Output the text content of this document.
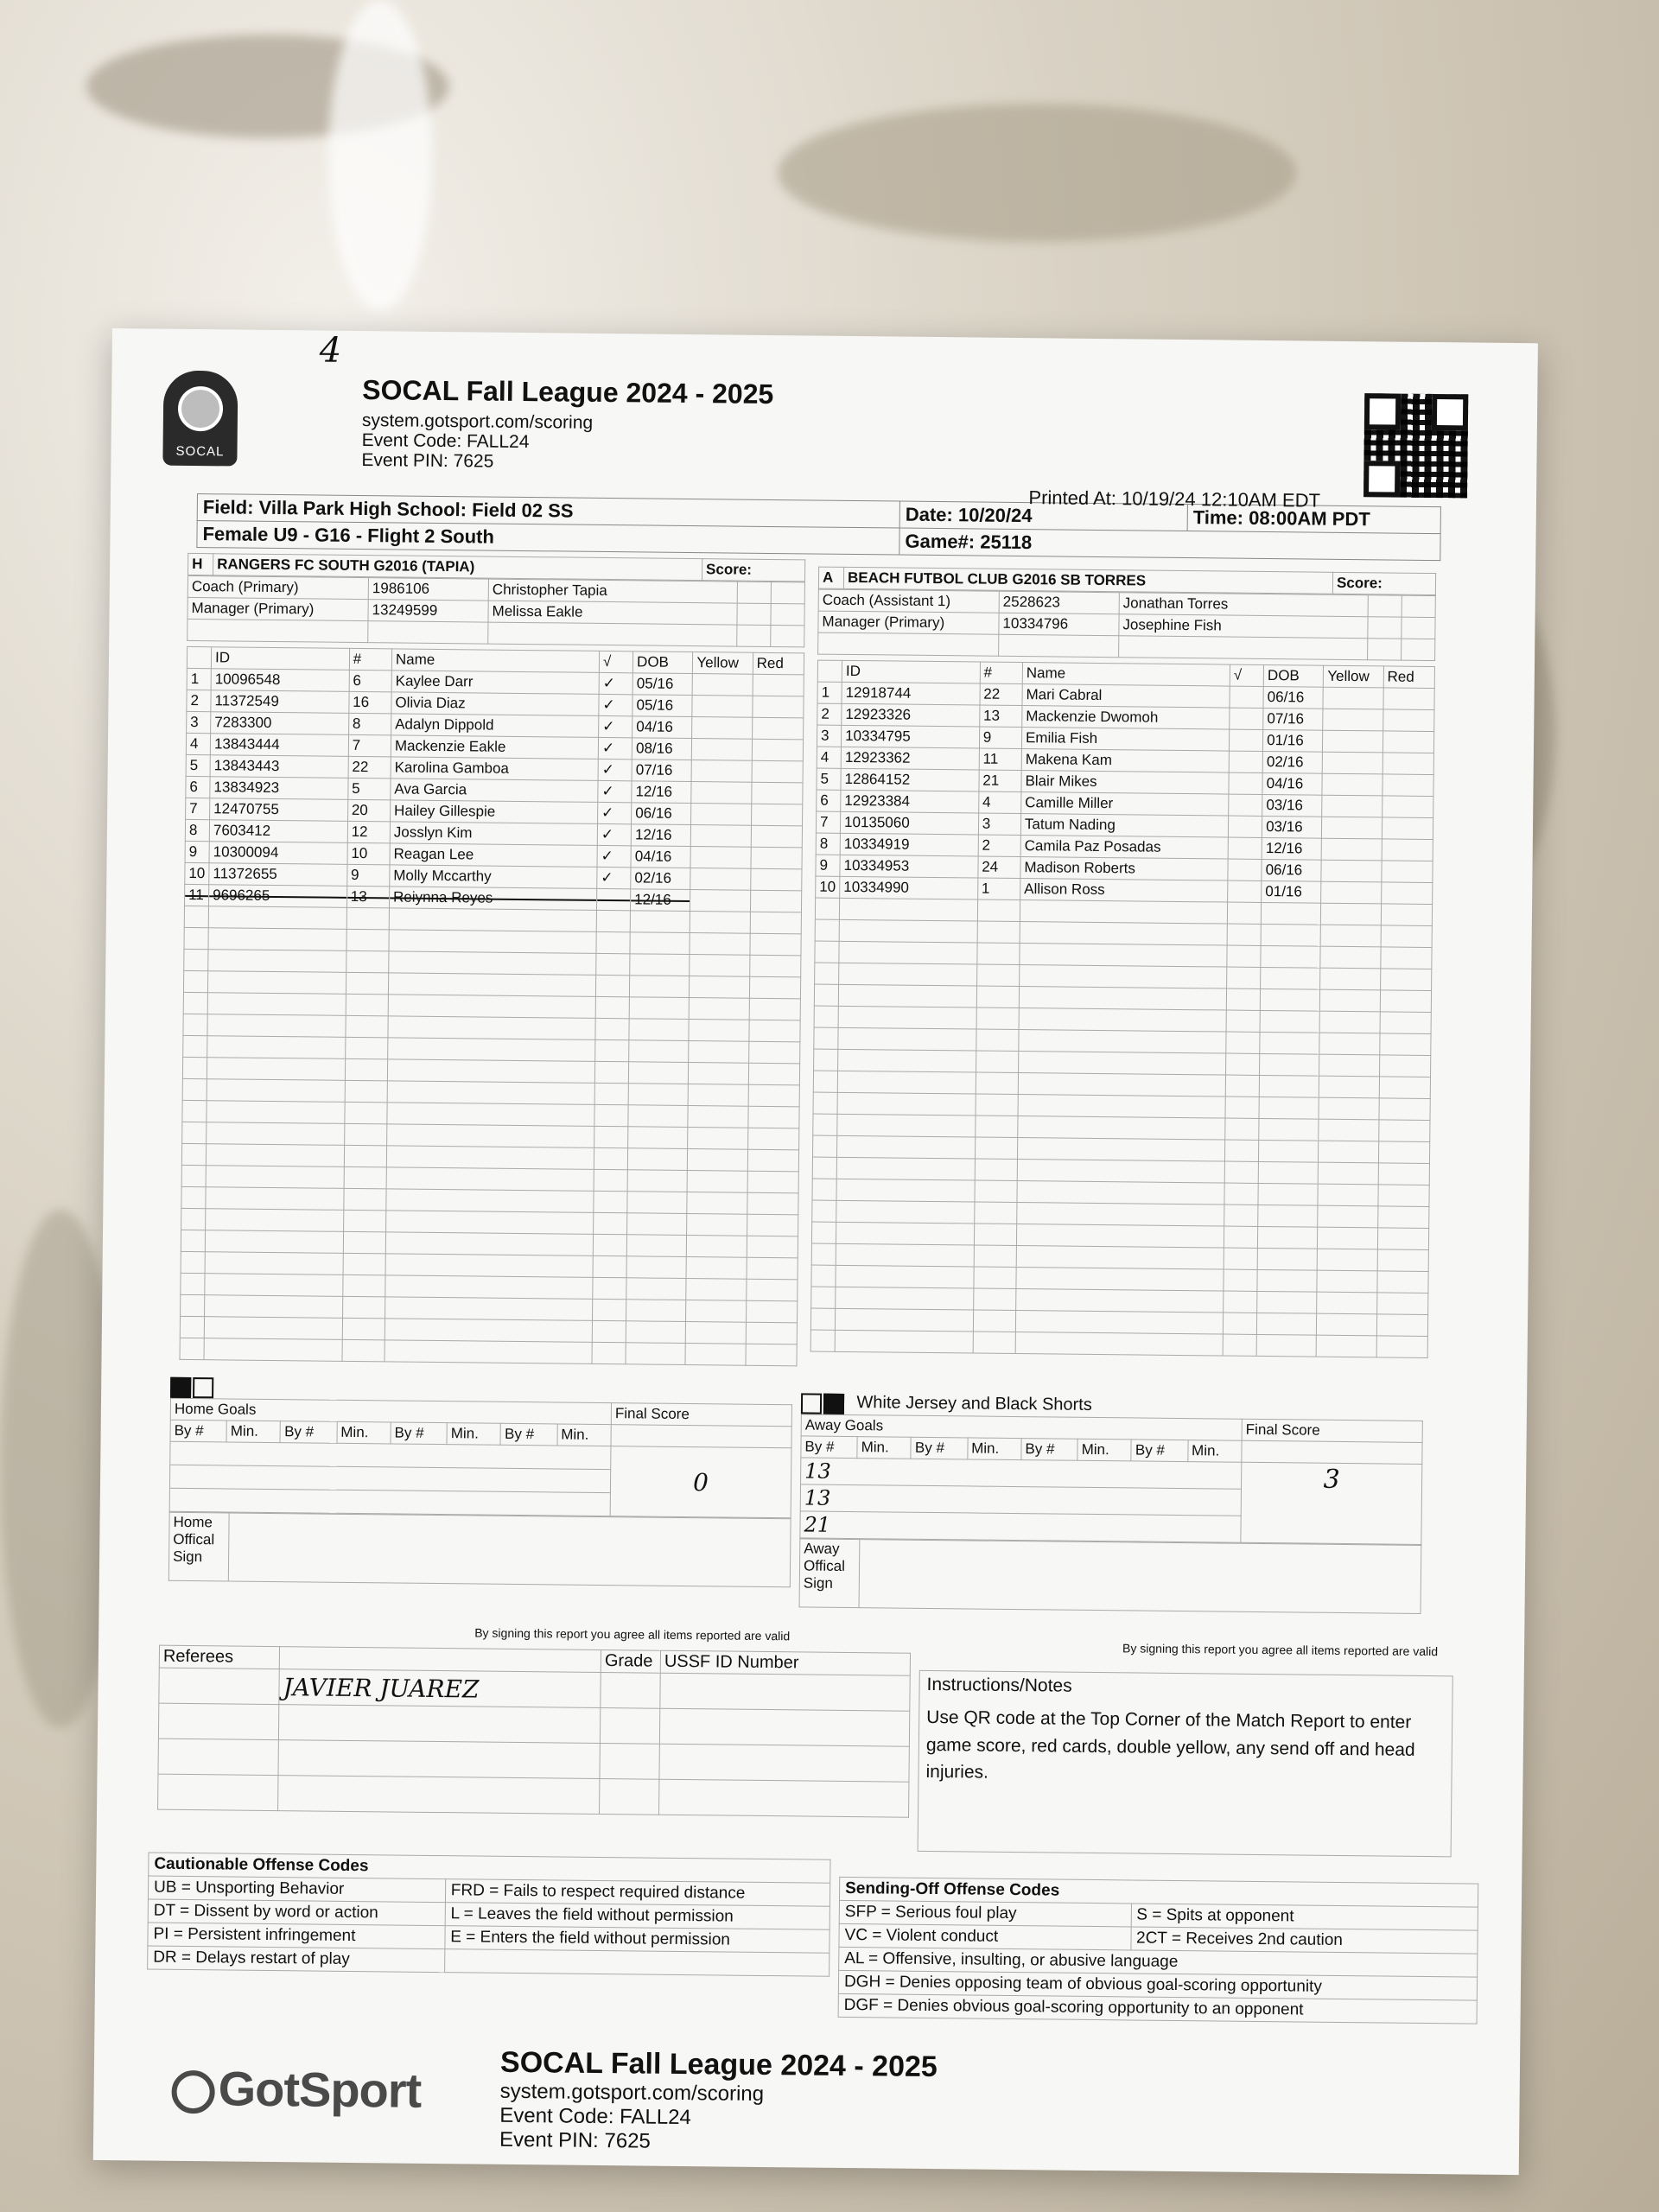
4
SOCAL
SOCAL Fall League 2024 - 2025
system.gotsport.com/scoring
Event Code: FALL24
Event PIN: 7625
Printed At: 10/19/24 12:10AM EDT
Field: Villa Park High School: Field 02 SS	Date: 10/20/24	Time: 08:00AM PDT
Female U9 - G16 - Flight 2 South	Game#: 25118	
H	RANGERS FC SOUTH G2016 (TAPIA)	Score:
Coach (Primary)	1986106	Christopher Tapia		
Manager (Primary)	13249599	Melissa Eakle		

	ID	#	Name	√	DOB	Yellow	Red
1	10096548	6	Kaylee Darr	✓	05/16		
2	11372549	16	Olivia Diaz	✓	05/16		
3	7283300	8	Adalyn Dippold	✓	04/16		
4	13843444	7	Mackenzie Eakle	✓	08/16		
5	13843443	22	Karolina Gamboa	✓	07/16		
6	13834923	5	Ava Garcia	✓	12/16		
7	12470755	20	Hailey Gillespie	✓	06/16		
8	7603412	12	Josslyn Kim	✓	12/16		
9	10300094	10	Reagan Lee	✓	04/16		
10	11372655	9	Molly Mccarthy	✓	02/16		
11	9696265	13	Reiynna Reyes		12/16		

A	BEACH FUTBOL CLUB G2016 SB TORRES	Score:
Coach (Assistant 1)	2528623	Jonathan Torres		
Manager (Primary)	10334796	Josephine Fish		

	ID	#	Name	√	DOB	Yellow	Red
1	12918744	22	Mari Cabral		06/16		
2	12923326	13	Mackenzie Dwomoh		07/16		
3	10334795	9	Emilia Fish		01/16		
4	12923362	11	Makena Kam		02/16		
5	12864152	21	Blair Mikes		04/16		
6	12923384	4	Camille Miller		03/16		
7	10135060	3	Tatum Nading		03/16		
8	10334919	2	Camila Paz Posadas		12/16		
9	10334953	24	Madison Roberts		06/16		
10	10334990	1	Allison Ross		01/16		

Home Goals								Final Score
By #	Min.	By #	Min.	By #	Min.	By #	Min.	
								0

Home
Offical
Sign	
By signing this report you agree all items reported are valid
White Jersey and Black Shorts
Away Goals								Final Score
By #	Min.	By #	Min.	By #	Min.	By #	Min.	
13								3
13								
21								
Away
Offical
Sign	
By signing this report you agree all items reported are valid
Referees		Grade	USSF ID Number
	JAVIER JUAREZ		

				Instructions/Notes
Use QR code at the Top Corner of the Match Report to enter game score, red cards, double yellow, any send off and head injuries.
Cautionable Offense Codes	
UB = Unsporting Behavior	FRD = Fails to respect required distance
DT = Dissent by word or action	L = Leaves the field without permission
PI = Persistent infringement	E = Enters the field without permission
DR = Delays restart of play	
Sending-Off Offense Codes	
SFP = Serious foul play	S = Spits at opponent
VC = Violent conduct	2CT = Receives 2nd caution
AL = Offensive, insulting, or abusive language	
DGH = Denies opposing team of obvious goal-scoring opportunity	
DGF = Denies obvious goal-scoring opportunity to an opponent	
GotSport	SOCAL Fall League 2024 - 2025
system.gotsport.com/scoring
Event Code: FALL24
Event PIN: 7625
